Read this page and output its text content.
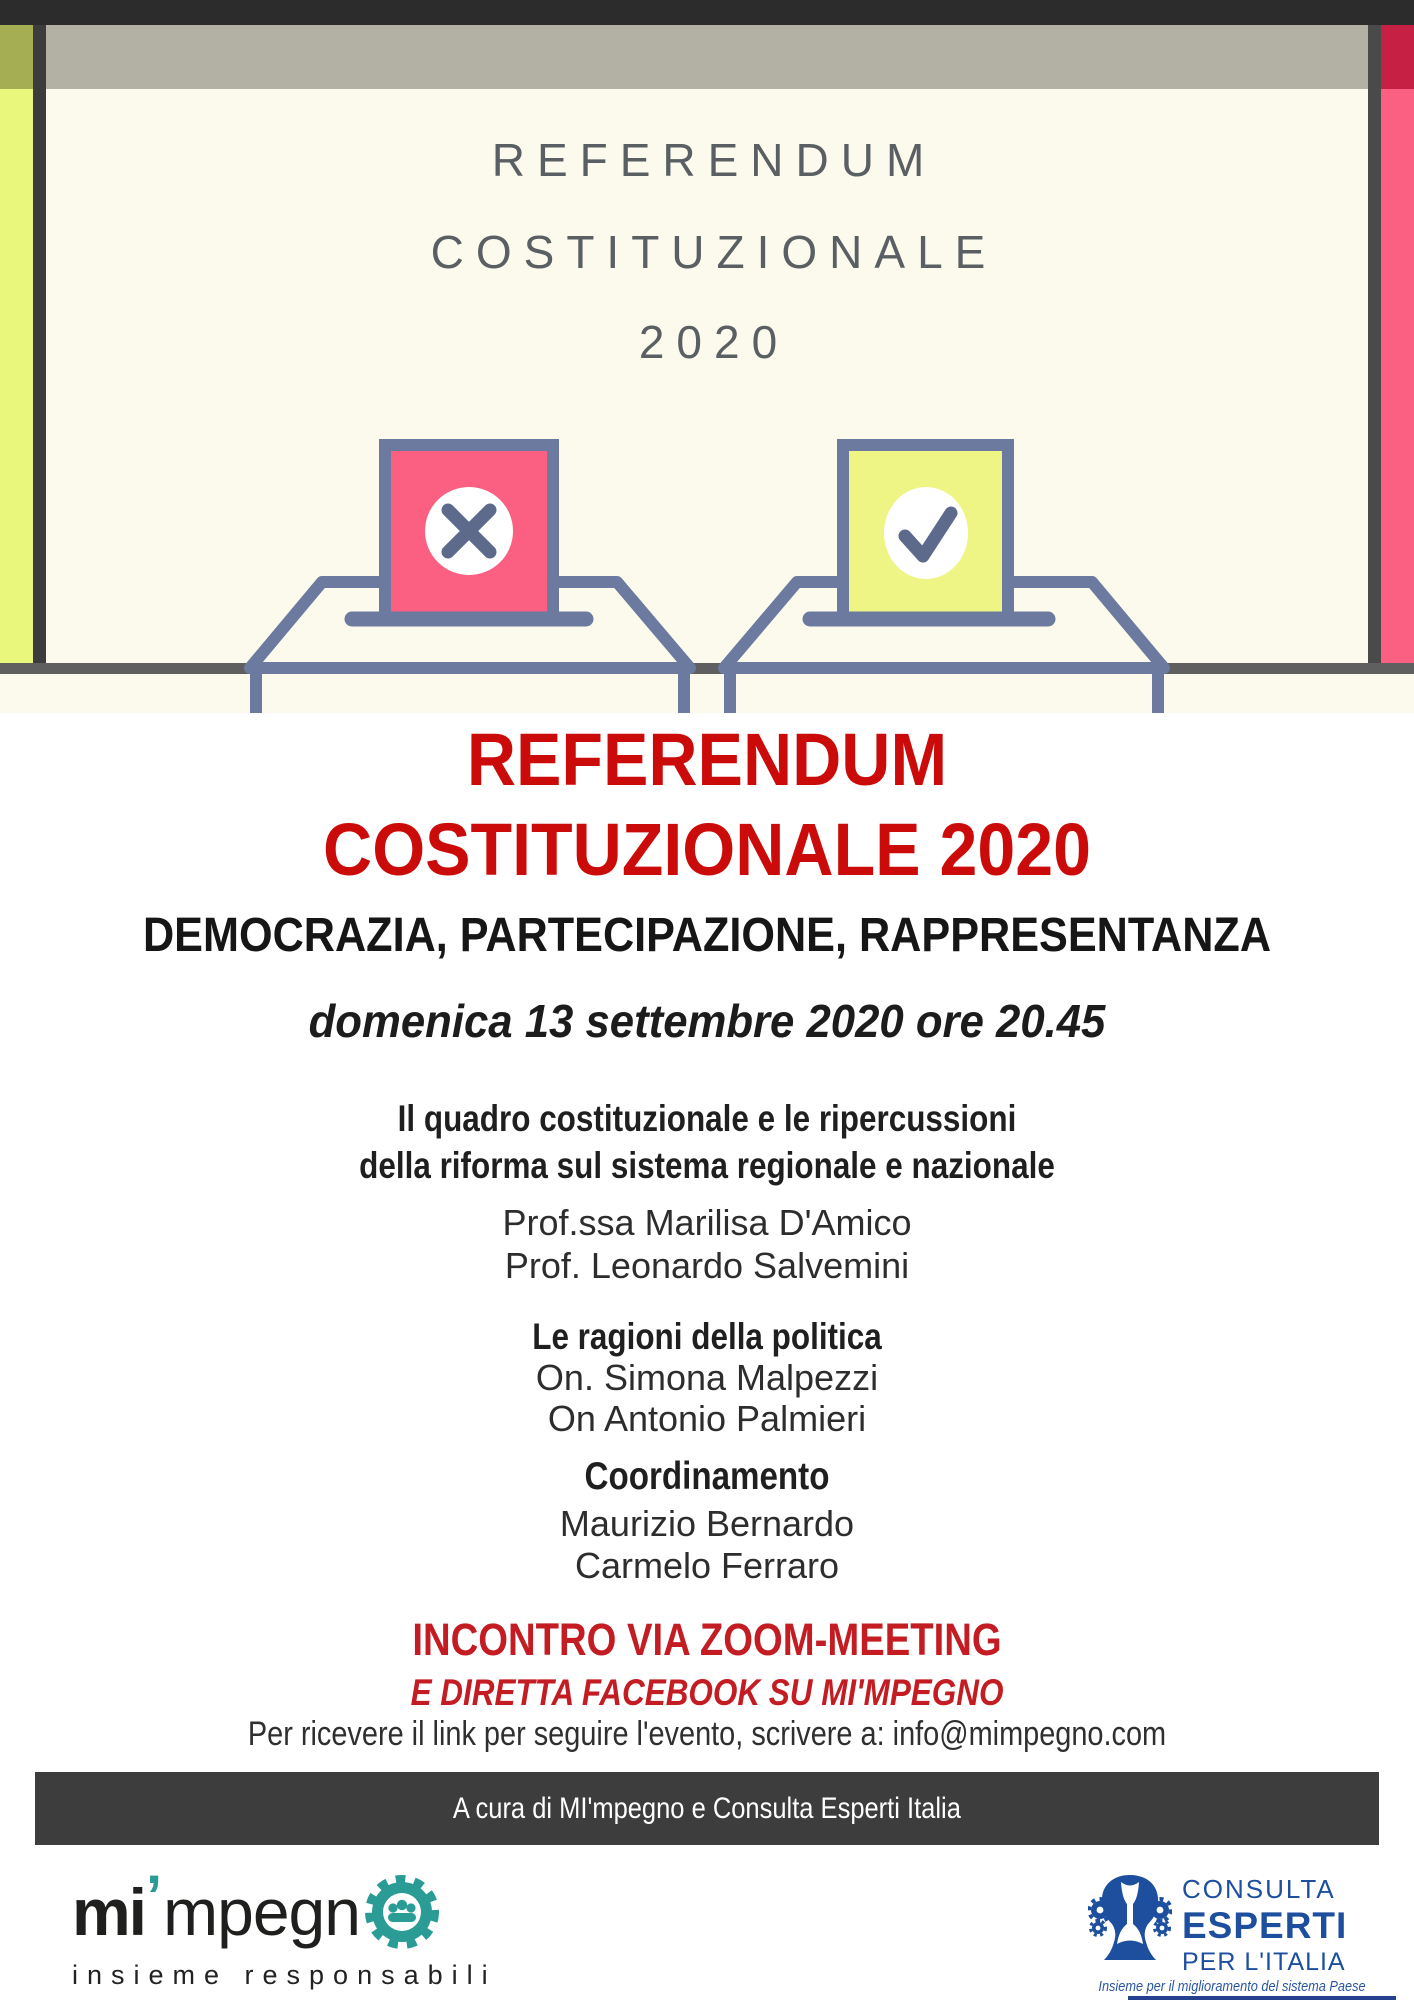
REFERENDUM
COSTITUZIONALE
2020
REFERENDUM
COSTITUZIONALE 2020
DEMOCRAZIA, PARTECIPAZIONE, RAPPRESENTANZA
domenica 13 settembre 2020 ore 20.45
Il quadro costituzionale e le ripercussioni
della riforma sul sistema regionale e nazionale
Prof.ssa Marilisa D'Amico
Prof. Leonardo Salvemini
Le ragioni della politica
On. Simona Malpezzi
On Antonio Palmieri
Coordinamento
Maurizio Bernardo
Carmelo Ferraro
INCONTRO VIA ZOOM-MEETING
E DIRETTA FACEBOOK SU MI'MPEGNO
Per ricevere il link per seguire l'evento, scrivere a: info@mimpegno.com
A cura di MI'mpegno e Consulta Esperti Italia
mi ’ mpegn
insieme responsabili
CONSULTA
ESPERTI
PER L'ITALIA
Insieme per il miglioramento del sistema Paese
